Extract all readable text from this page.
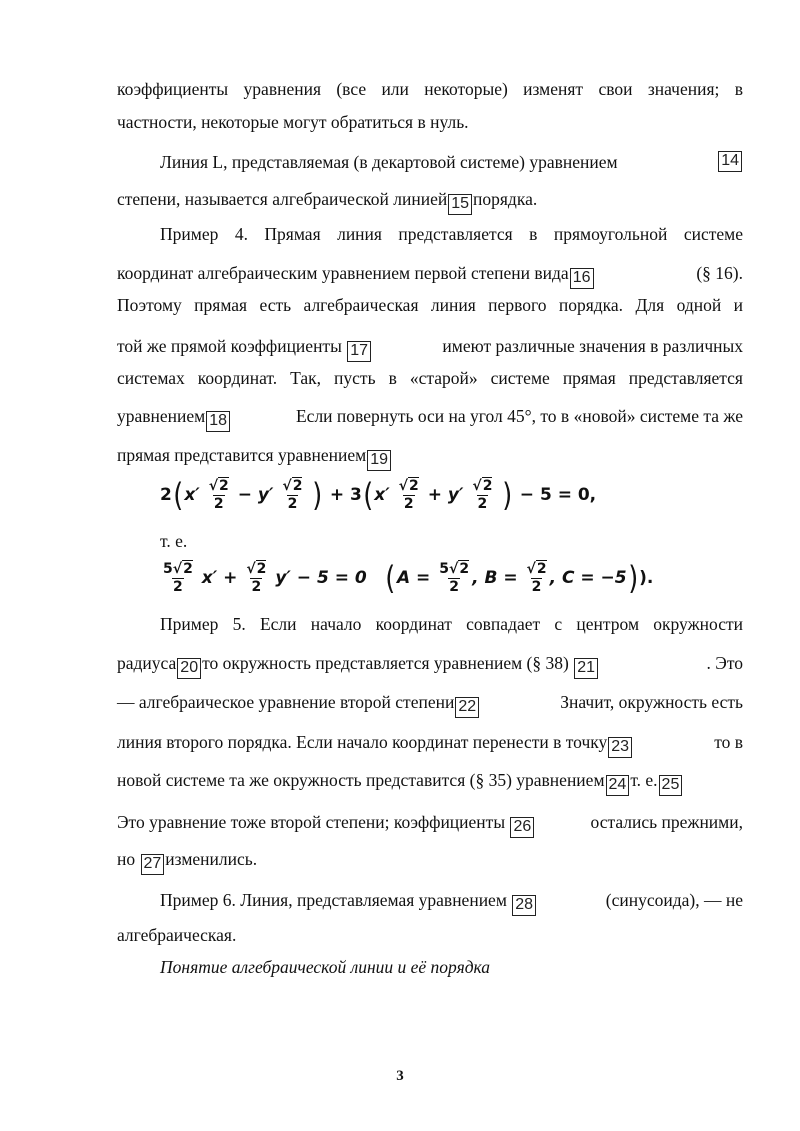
коэффициенты уравнения (все или некоторые) изменят свои значения; в
частности, некоторые могут обратиться в нуль.
Линия L, представляемая (в декартовой системе) уравнением	14
степени, называется алгебраической линией 15 порядка.
Пример 4. Прямая линия представляется в прямоугольной системе
координат алгебраическим уравнением первой степени вида 16	(§ 16).
Поэтому прямая есть алгебраическая линия первого порядка. Для одной и
той же прямой коэффициенты 17	имеют различные значения в различных
системах координат. Так, пусть в «старой» системе прямая представляется
уравнением 18	Если повернуть оси на угол 45°, то в «новой» системе та же
прямая представится уравнением 19
$2(x' \frac{√2}{2} - y' \frac{√2}{2}$ ) + $3(x' \frac{√2}{2} + y' \frac{√2}{2}$ ) − 5 = 0,
т. е.
$\frac{5√2}{2} x' + \frac{√2}{2} y' - 5 = 0$ ($A = \frac{5√2}{2}$ , $B = \frac{√2}{2}$ , C = −5)).
Пример 5. Если начало координат совпадает с центром окружности
радиуса 20 то окружность представляется уравнением (§ 38) 21	. Это
— алгебраическое уравнение второй степени 22	Значит, окружность есть
линия второго порядка. Если начало координат перенести в точку 23	то в
новой системе та же окружность представится (§ 35) уравнением 24 т. е. 25
Это уравнение тоже второй степени; коэффициенты 26	остались прежними,
но 27 изменились.
Пример 6. Линия, представляемая уравнением 28	(синусоида), — не
алгебраическая.
Понятие алгебраической линии и её порядка
3
